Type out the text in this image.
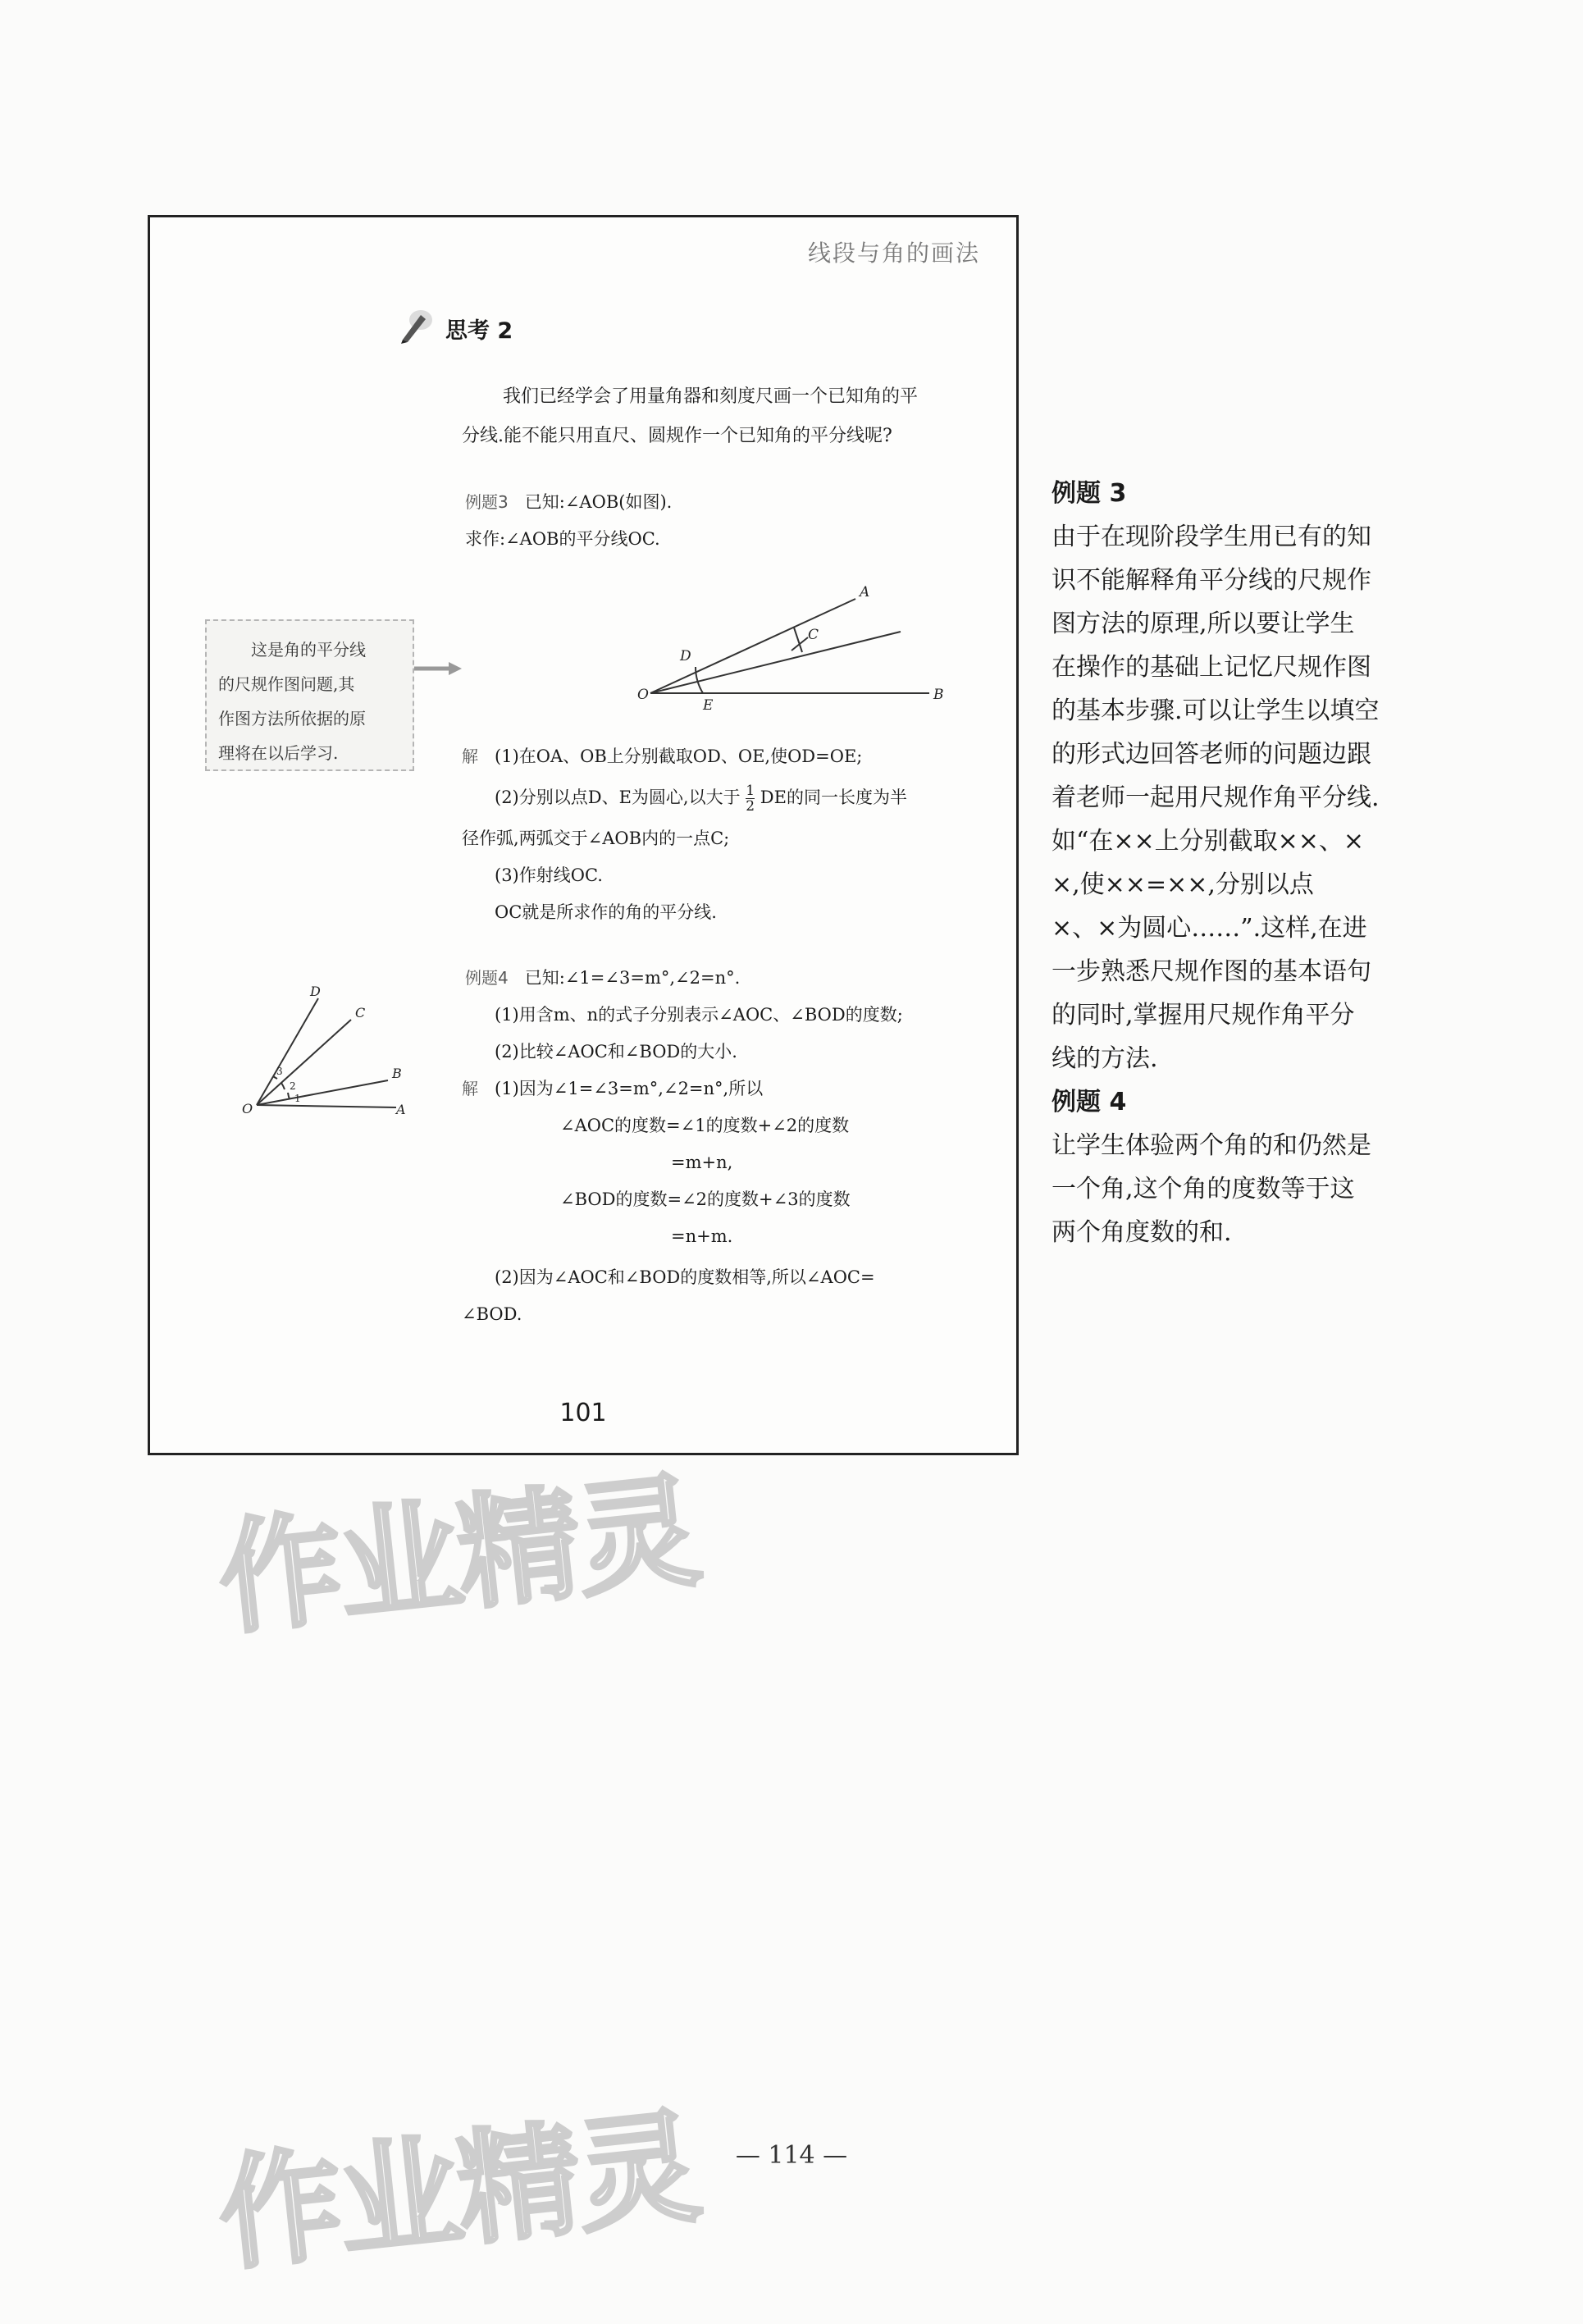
线段与角的画法
思考 2
我们已经学会了用量角器和刻度尺画一个已知角的平
分线.能不能只用直尺、圆规作一个已知角的平分线呢?
例题3 已知:∠AOB(如图).
求作:∠AOB的平分线OC.
A
C
D
O
E
B
解 (1)在OA、OB上分别截取OD、OE,使OD=OE;
(2)分别以点D、E为圆心,以大于 $\frac{1}{2}$ DE的同一长度为半
径作弧,两弧交于∠AOB内的一点C;
(3)作射线OC.
OC就是所求作的角的平分线.
例题4 已知:∠1=∠3=m°,∠2=n°.
(1)用含m、n的式子分别表示∠AOC、∠BOD的度数;
(2)比较∠AOC和∠BOD的大小.
解 (1)因为∠1=∠3=m°,∠2=n°,所以
∠AOC的度数=∠1的度数+∠2的度数
=m+n,
∠BOD的度数=∠2的度数+∠3的度数
=n+m.
(2)因为∠AOC和∠BOD的度数相等,所以∠AOC=
∠BOD.
D
C
B
O	A
1
2
3
101
这是角的平分线
的尺规作图问题,其
作图方法所依据的原
理将在以后学习.
例题 3
由于在现阶段学生用已有的知
识不能解释角平分线的尺规作
图方法的原理,所以要让学生
在操作的基础上记忆尺规作图
的基本步骤.可以让学生以填空
的形式边回答老师的问题边跟
着老师一起用尺规作角平分线.
如“在××上分别截取××、×
×,使××=××,分别以点
×、×为圆心……”.这样,在进
一步熟悉尺规作图的基本语句
的同时,掌握用尺规作角平分
线的方法.
例题 4
让学生体验两个角的和仍然是
一个角,这个角的度数等于这
两个角度数的和.
作业精灵
— 114 —
作业精灵
